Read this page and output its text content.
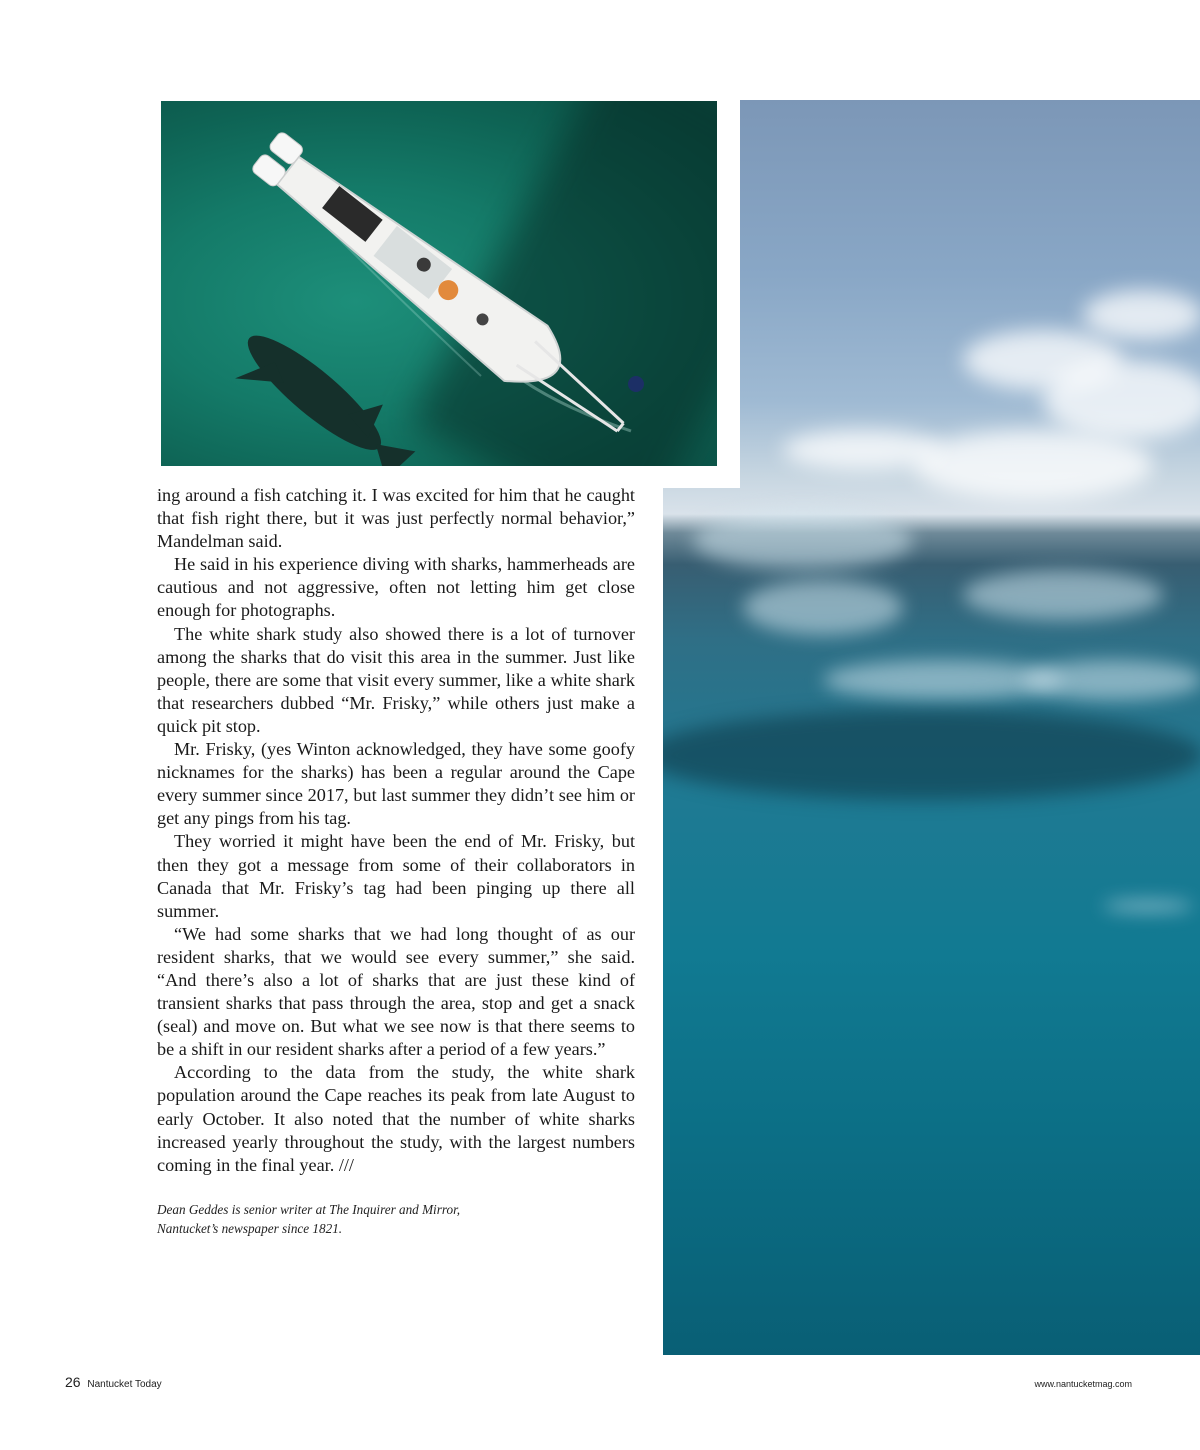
ing around a fish catching it. I was excited for him that he caught that fish right there, but it was just perfectly normal behavior,” Mandelman said.

He said in his experience diving with sharks, hammerheads are cautious and not aggressive, often not letting him get close enough for photographs.

The white shark study also showed there is a lot of turnover among the sharks that do visit this area in the summer. Just like people, there are some that visit every summer, like a white shark that researchers dubbed “Mr. Frisky,” while others just make a quick pit stop.

Mr. Frisky, (yes Winton acknowledged, they have some goofy nicknames for the sharks) has been a regular around the Cape every summer since 2017, but last summer they didn’t see him or get any pings from his tag.

They worried it might have been the end of Mr. Frisky, but then they got a message from some of their collaborators in Canada that Mr. Frisky’s tag had been pinging up there all summer.

“We had some sharks that we had long thought of as our resident sharks, that we would see every summer,” she said. “And there’s also a lot of sharks that are just these kind of transient sharks that pass through the area, stop and get a snack (seal) and move on. But what we see now is that there seems to be a shift in our resident sharks after a period of a few years.”

According to the data from the study, the white shark population around the Cape reaches its peak from late August to early October. It also noted that the number of white sharks increased yearly throughout the study, with the largest numbers coming in the final year. ///

Dean Geddes is senior writer at The Inquirer and Mirror,
Nantucket’s newspaper since 1821.
26 Nantucket Today	www.nantucketmag.com
